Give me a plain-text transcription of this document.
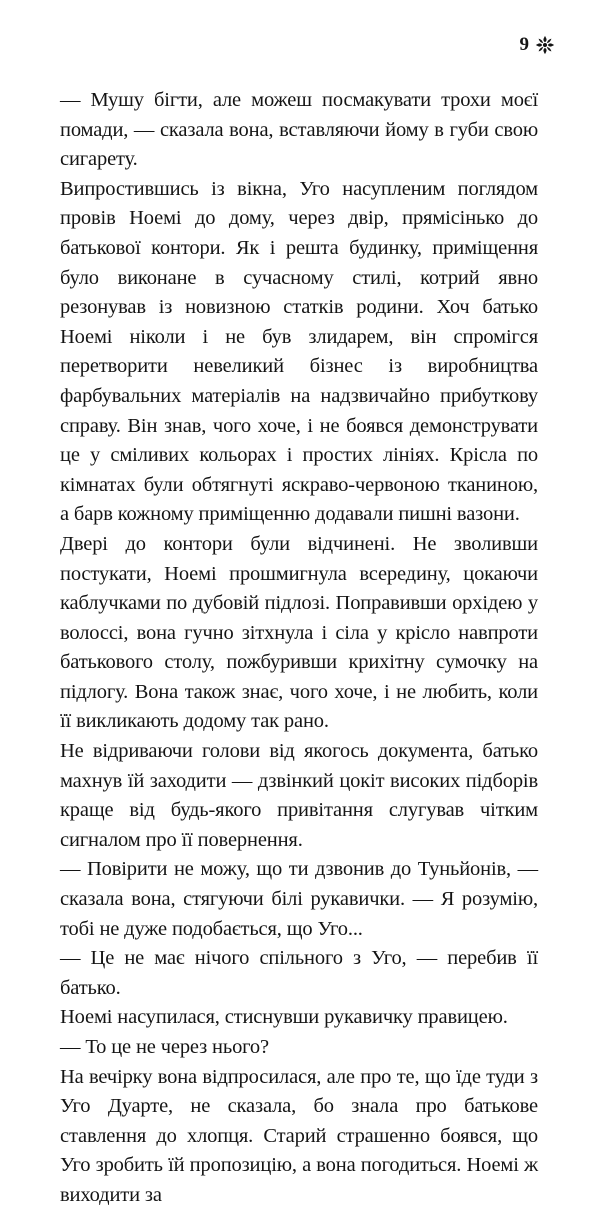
9

— Мушу бігти, але можеш посмакувати трохи моєї помади, — сказала вона, вставляючи йому в губи свою сигарету.

Випростившись із вікна, Уго насупленим поглядом провів Ноемі до дому, через двір, прямісінько до батькової контори. Як і решта будинку, приміщення було виконане в сучасному стилі, котрий явно резонував із новизною статків родини. Хоч батько Ноемі ніколи і не був злидарем, він спромігся перетворити невеликий бізнес із виробництва фарбувальних матеріалів на надзвичайно прибуткову справу. Він знав, чого хоче, і не боявся демонструвати це у сміливих кольорах і простих лініях. Крісла по кімнатах були обтягнуті яскраво-червоною тканиною, а барв кожному приміщенню додавали пишні вазони.

Двері до контори були відчинені. Не зволивши постукати, Ноемі прошмигнула всередину, цокаючи каблучками по дубовій підлозі. Поправивши орхідею у волоссі, вона гучно зітхнула і сіла у крісло навпроти батькового столу, пожбуривши крихітну сумочку на підлогу. Вона також знає, чого хоче, і не любить, коли її викликають додому так рано.

Не відриваючи голови від якогось документа, батько махнув їй заходити — дзвінкий цокіт високих підборів краще від будь-якого привітання слугував чітким сигналом про її повернення.

— Повірити не можу, що ти дзвонив до Туньйонів, — сказала вона, стягуючи білі рукавички. — Я розумію, тобі не дуже подобається, що Уго...

— Це не має нічого спільного з Уго, — перебив її батько.

Ноемі насупилася, стиснувши рукавичку правицею.

— То це не через нього?

На вечірку вона відпросилася, але про те, що їде туди з Уго Дуарте, не сказала, бо знала про батькове ставлення до хлопця. Старий страшенно боявся, що Уго зробить їй пропозицію, а вона погодиться. Ноемі ж виходити за
